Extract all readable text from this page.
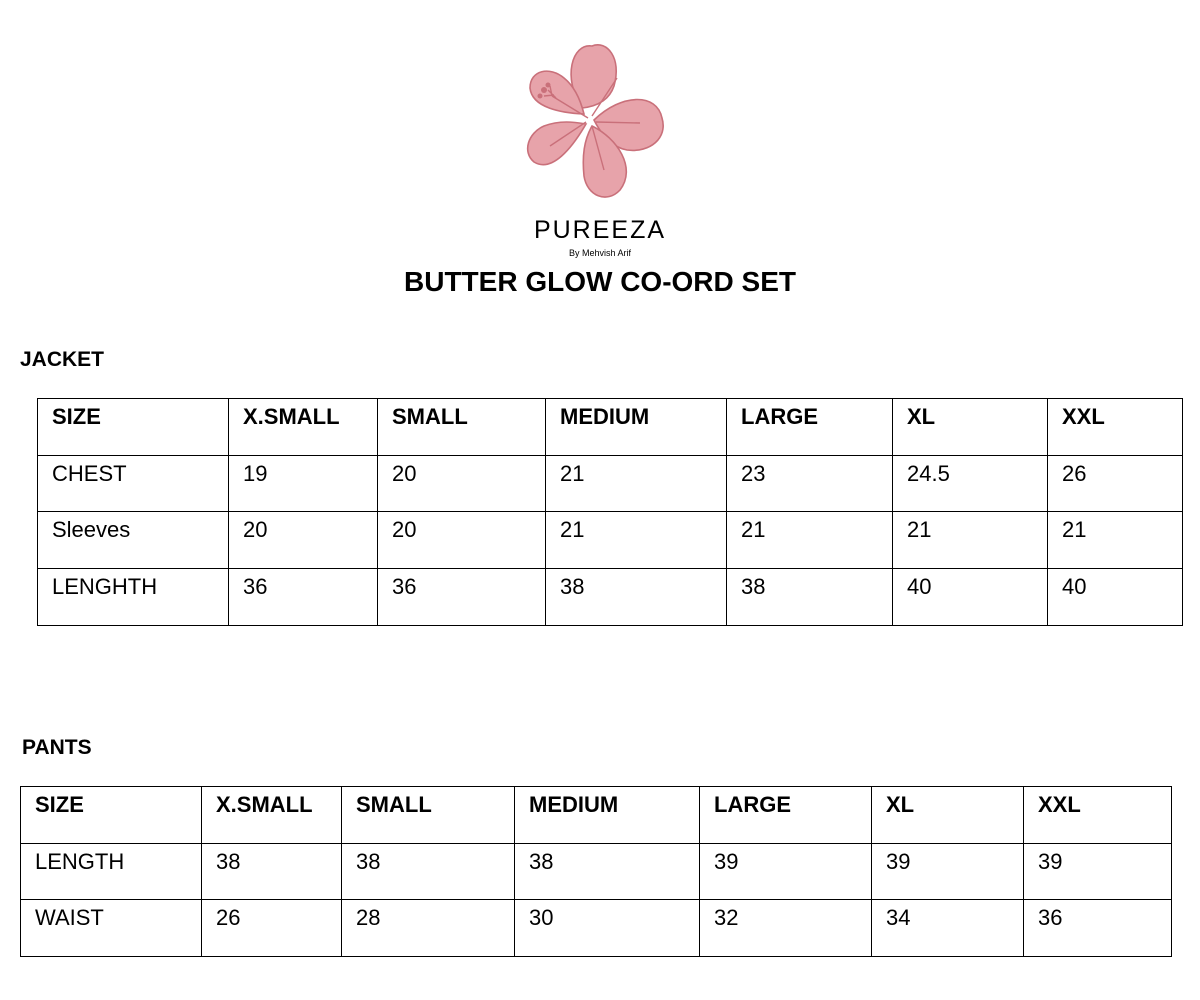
PUREEZA
By Mehvish Arif
BUTTER GLOW CO-ORD SET
JACKET
SIZE	X.SMALL	SMALL	MEDIUM	LARGE	XL	XXL
CHEST	19	20	21	23	24.5	26
Sleeves	20	20	21	21	21	21
LENGHTH	36	36	38	38	40	40
PANTS
SIZE	X.SMALL	SMALL	MEDIUM	LARGE	XL	XXL
LENGTH	38	38	38	39	39	39
WAIST	26	28	30	32	34	36
